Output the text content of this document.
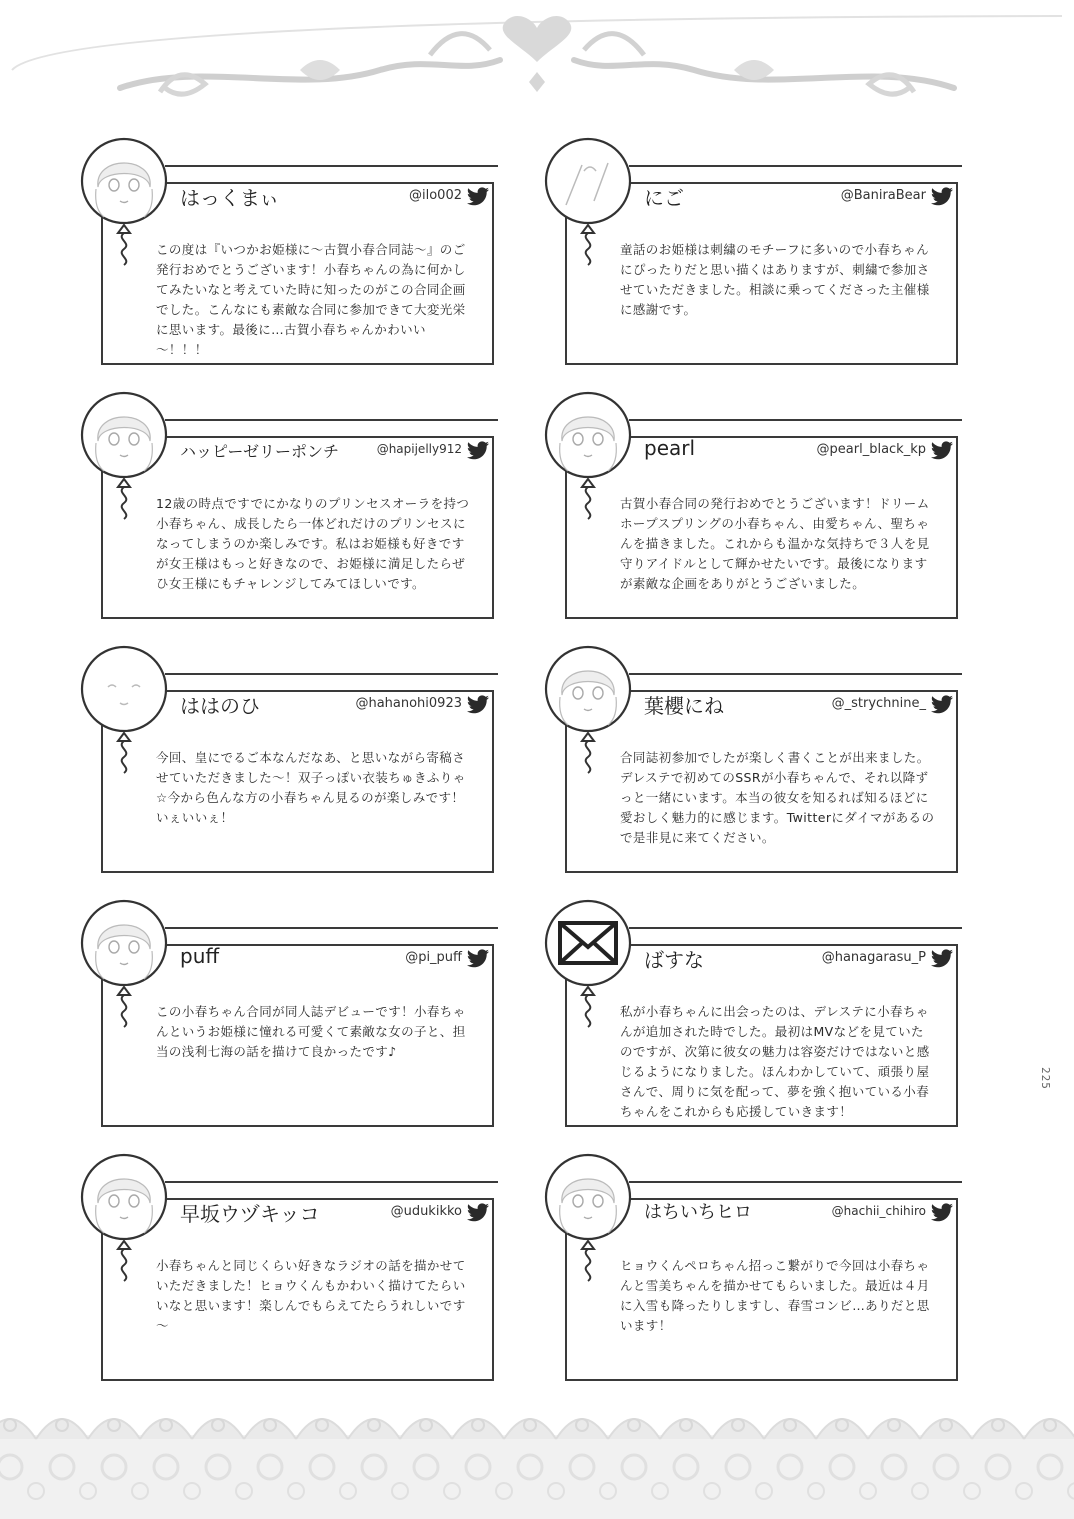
はっくまぃ	@ilo002
この度は『いつかお姫様に～古賀小春合同誌～』のご発行おめでとうございます！小春ちゃんの為に何かしてみたいなと考えていた時に知ったのがこの合同企画でした。こんなにも素敵な合同に参加できて大変光栄に思います。最後に…古賀小春ちゃんかわいい～！！！
にご	@BaniraBear
童話のお姫様は刺繍のモチーフに多いので小春ちゃんにぴったりだと思い描くはありますが、刺繍で参加させていただきました。相談に乗ってくださった主催様に感謝です。
ハッピーゼリーポンチ	@hapijelly912
12歳の時点ですでにかなりのプリンセスオーラを持つ小春ちゃん、成長したら一体どれだけのプリンセスになってしまうのか楽しみです。私はお姫様も好きですが女王様はもっと好きなので、お姫様に満足したらぜひ女王様にもチャレンジしてみてほしいです。
pearl	@pearl_black_kp
古賀小春合同の発行おめでとうございます！ドリームホープスプリングの小春ちゃん、由愛ちゃん、聖ちゃんを描きました。これからも温かな気持ちで３人を見守りアイドルとして輝かせたいです。最後になりますが素敵な企画をありがとうございました。
ははのひ	@hahanohi0923
今回、皇にでるご本なんだなあ、と思いながら寄稿させていただきました～！双子っぽい衣装ちゅきふりゃ☆今から色んな方の小春ちゃん見るのが楽しみです！いぇいいぇ！
葉櫻にね	@_strychnine_
合同誌初参加でしたが楽しく書くことが出来ました。デレステで初めてのSSRが小春ちゃんで、それ以降ずっと一緒にいます。本当の彼女を知るれば知るほどに愛おしく魅力的に感じます。Twitterにダイマがあるので是非見に来てください。
puff	@pi_puff
この小春ちゃん合同が同人誌デビューです！小春ちゃんというお姫様に憧れる可愛くて素敵な女の子と、担当の浅利七海の話を描けて良かったです♪
ばすな	@hanagarasu_P
私が小春ちゃんに出会ったのは、デレステに小春ちゃんが追加された時でした。最初はMVなどを見ていたのですが、次第に彼女の魅力は容姿だけではないと感じるようになりました。ほんわかしていて、頑張り屋さんで、周りに気を配って、夢を強く抱いている小春ちゃんをこれからも応援していきます！
早坂ウヅキッコ	@udukikko
小春ちゃんと同じくらい好きなラジオの話を描かせていただきました！ヒョウくんもかわいく描けてたらいいなと思います！楽しんでもらえてたらうれしいです～
はちいちヒロ	@hachii_chihiro
ヒョウくんペロちゃん招っこ繋がりで今回は小春ちゃんと雪美ちゃんを描かせてもらいました。最近は４月に入雪も降ったりしますし、春雪コンビ…ありだと思います！
225
